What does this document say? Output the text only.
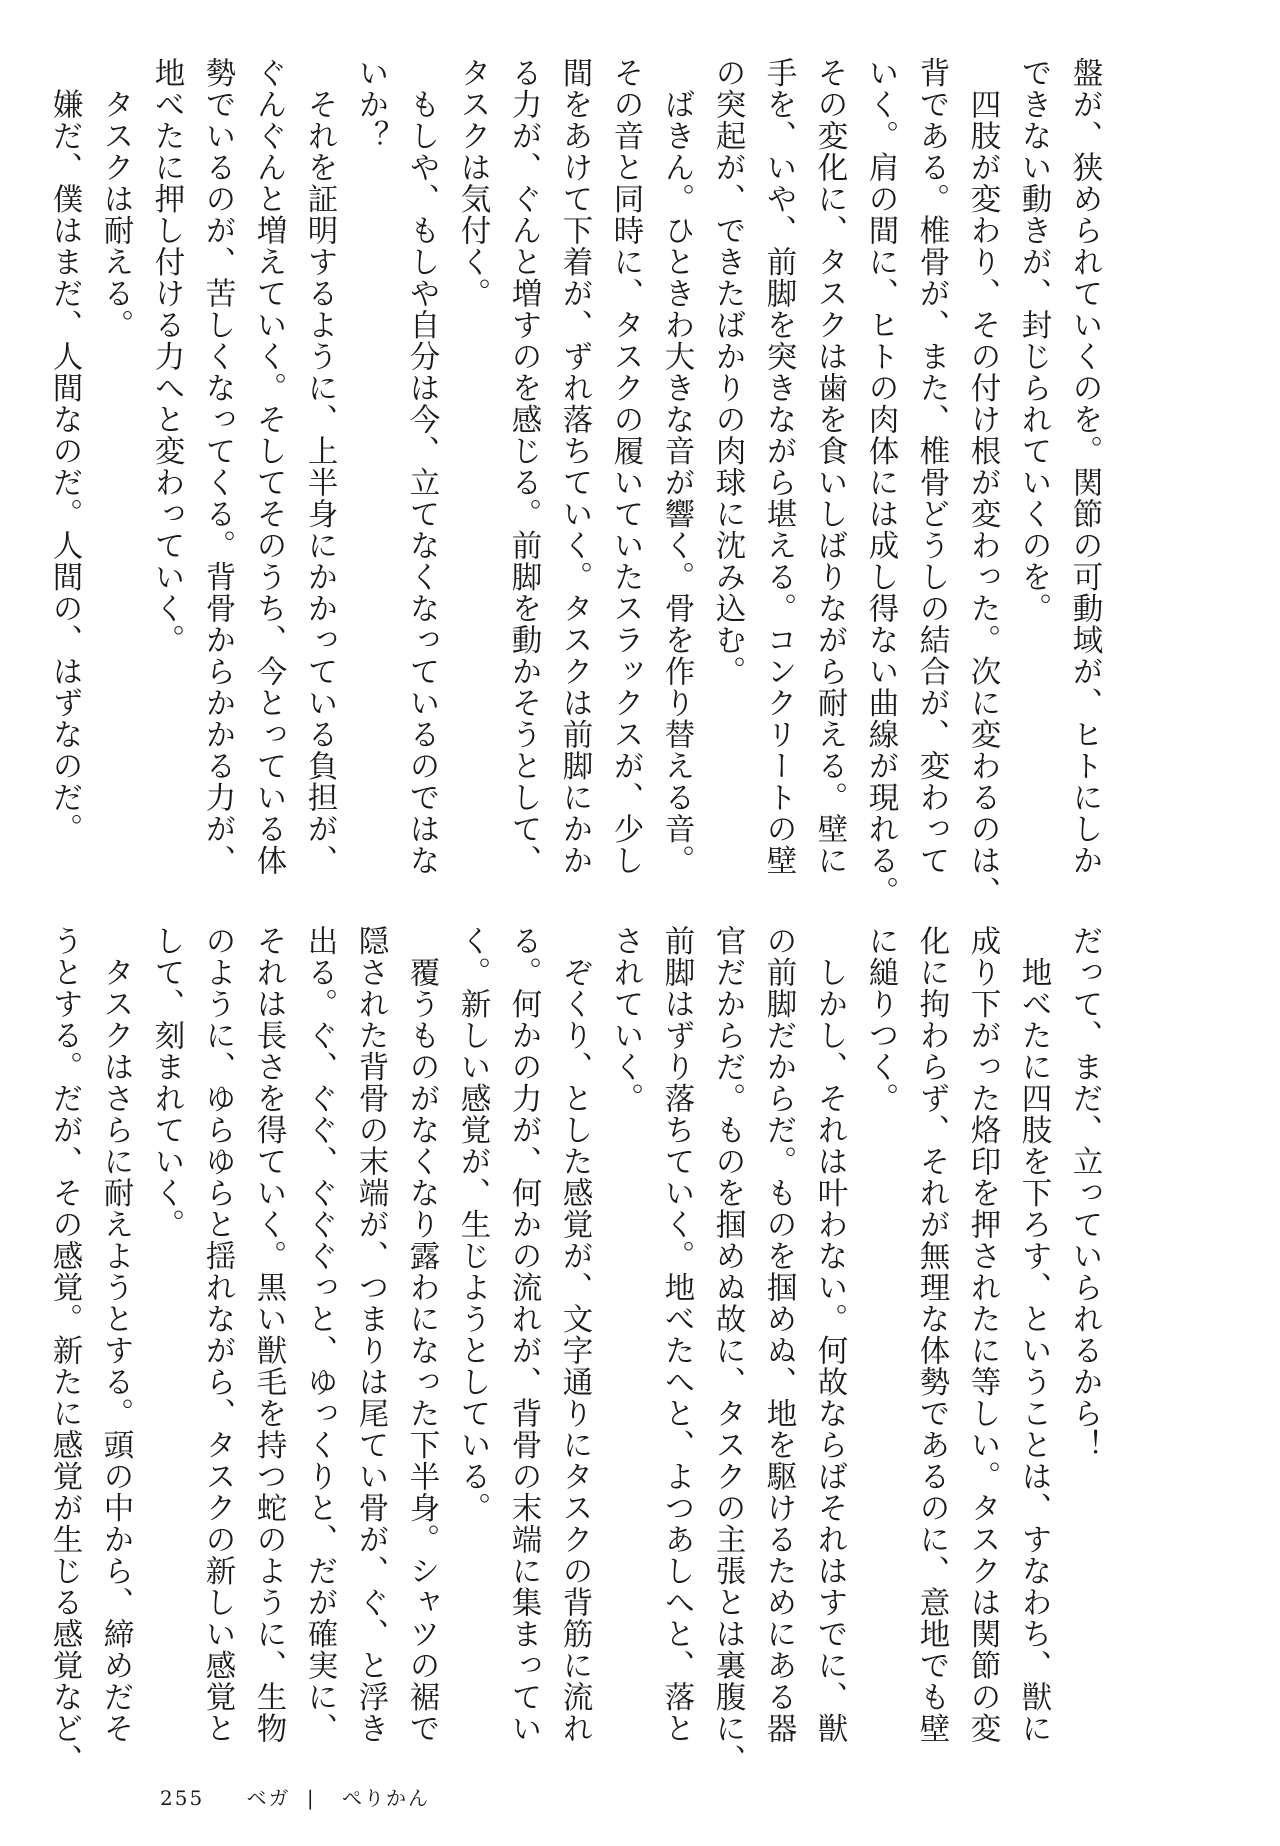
盤が、狭められていくのを。関節の可動域が、ヒトにしか
できない動きが、封じられていくのを。
　四肢が変わり、その付け根が変わった。次に変わるのは、
背である。椎骨が、また、椎骨どうしの結合が、変わって
いく。肩の間に、ヒトの肉体には成し得ない曲線が現れる。
その変化に、タスクは歯を食いしばりながら耐える。壁に
手を、いや、前脚を突きながら堪える。コンクリートの壁
の突起が、できたばかりの肉球に沈み込む。
　ばきん。ひときわ大きな音が響く。骨を作り替える音。
その音と同時に、タスクの履いていたスラックスが、少し
間をあけて下着が、ずれ落ちていく。タスクは前脚にかか
る力が、ぐんと増すのを感じる。前脚を動かそうとして、
タスクは気付く。
　もしや、もしや自分は今、立てなくなっているのではな
いか？
　それを証明するように、上半身にかかっている負担が、
ぐんぐんと増えていく。そしてそのうち、今とっている体
勢でいるのが、苦しくなってくる。背骨からかかる力が、
地べたに押し付ける力へと変わっていく。
　タスクは耐える。
　嫌だ、僕はまだ、人間なのだ。人間の、はずなのだ。
だって、まだ、立っていられるから！
　地べたに四肢を下ろす、ということは、すなわち、獣に
成り下がった烙印を押されたに等しい。タスクは関節の変
化に拘わらず、それが無理な体勢であるのに、意地でも壁
に縋りつく。
　しかし、それは叶わない。何故ならばそれはすでに、獣
の前脚だからだ。ものを掴めぬ、地を駆けるためにある器
官だからだ。ものを掴めぬ故に、タスクの主張とは裏腹に、
前脚はずり落ちていく。地べたへと、よつあしへと、落と
されていく。
　ぞくり、とした感覚が、文字通りにタスクの背筋に流れ
る。何かの力が、何かの流れが、背骨の末端に集まってい
く。新しい感覚が、生じようとしている。
　覆うものがなくなり露わになった下半身。シャツの裾で
隠された背骨の末端が、つまりは尾てい骨が、ぐ、と浮き
出る。ぐ、ぐぐ、ぐぐぐっと、ゆっくりと、だが確実に、
それは長さを得ていく。黒い獣毛を持つ蛇のように、生物
のように、ゆらゆらと揺れながら、タスクの新しい感覚と
して、刻まれていく。
　タスクはさらに耐えようとする。頭の中から、締めだそ
うとする。だが、その感覚。新たに感覚が生じる感覚など、
255 ベガ | ぺりかん
